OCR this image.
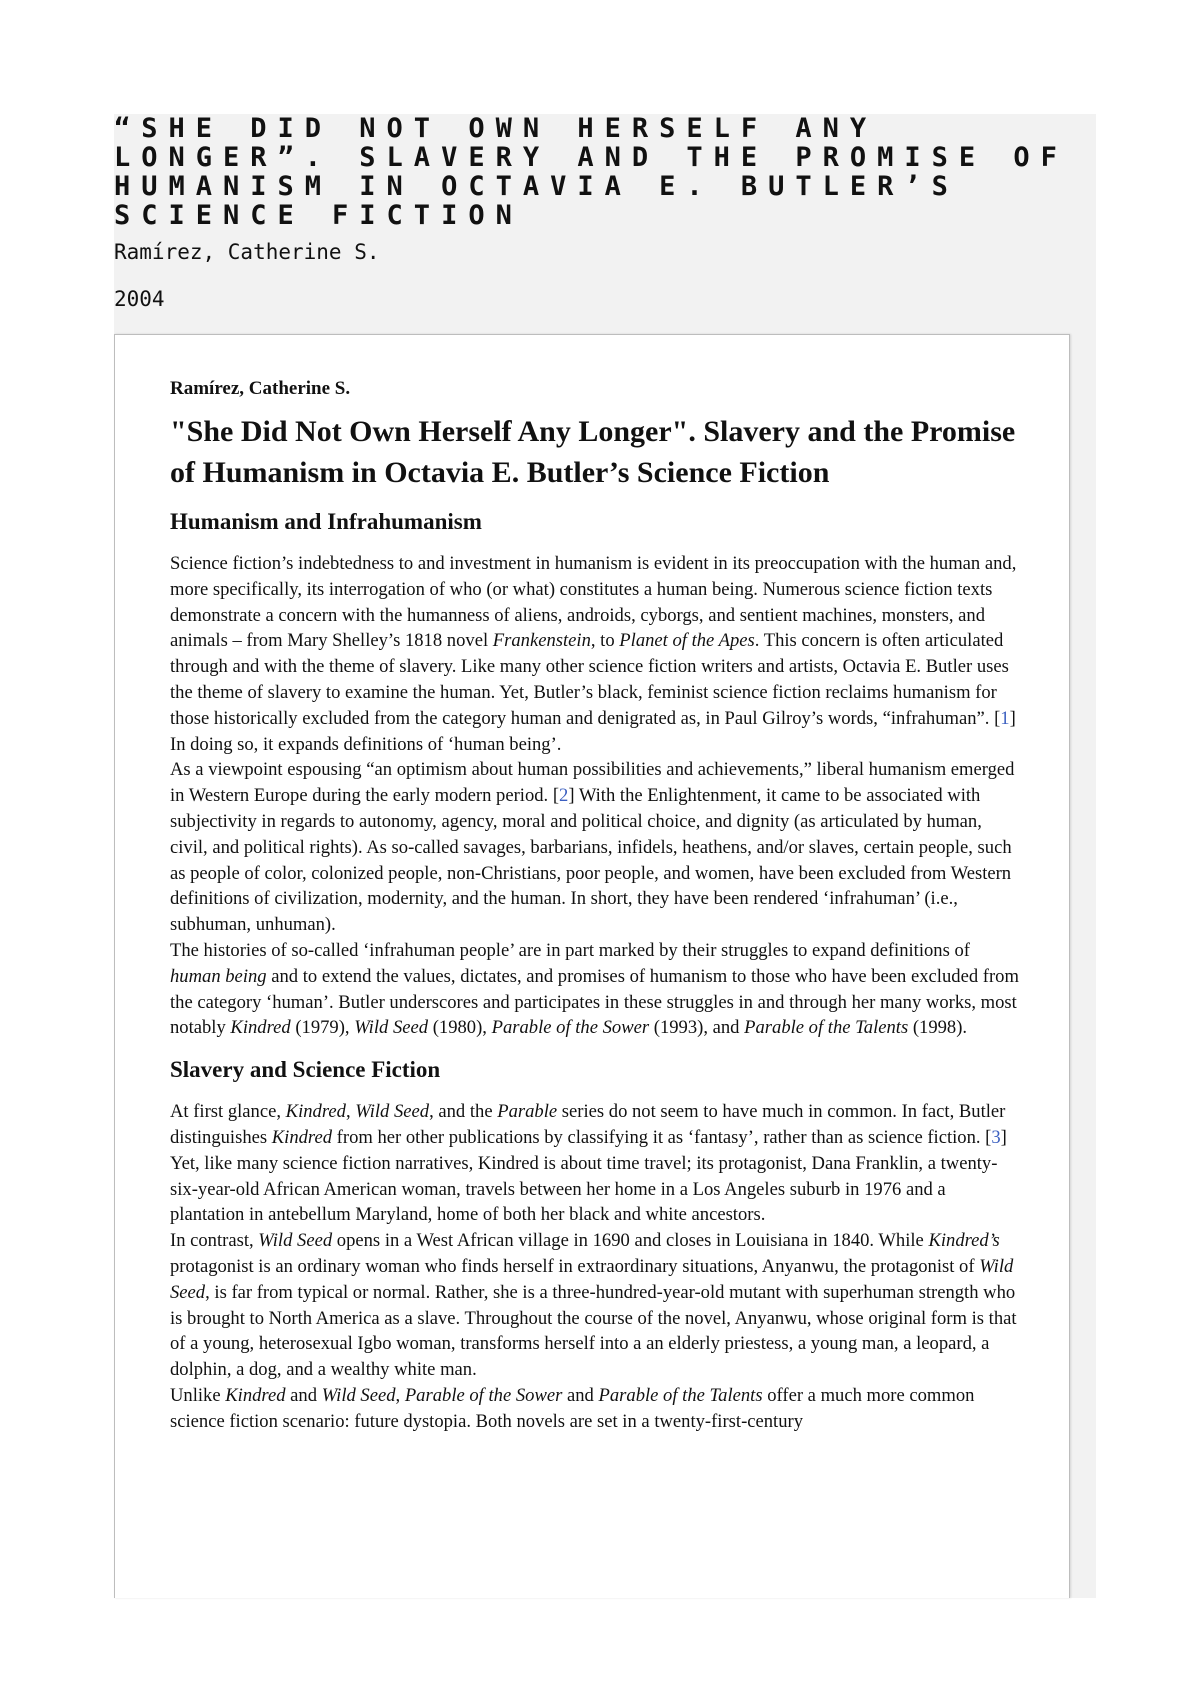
“SHE DID NOT OWN HERSELF ANY LONGER”. SLAVERY AND THE PROMISE OF HUMANISM IN OCTAVIA E. BUTLER’S SCIENCE FICTION

Ramírez, Catherine S.

2004

Ramírez, Catherine S.

"She Did Not Own Herself Any Longer". Slavery and the Promise of Humanism in Octavia E. Butler’s Science Fiction
Humanism and Infrahumanism

Science fiction’s indebtedness to and investment in humanism is evident in its preoccupation with the human and, more specifically, its interrogation of who (or what) constitutes a human being. Numerous science fiction texts demonstrate a concern with the humanness of aliens, androids, cyborgs, and sentient machines, monsters, and animals – from Mary Shelley’s 1818 novel Frankenstein, to Planet of the Apes. This concern is often articulated through and with the theme of slavery. Like many other science fiction writers and artists, Octavia E. Butler uses the theme of slavery to examine the human. Yet, Butler’s black, feminist science fiction reclaims humanism for those historically excluded from the category human and denigrated as, in Paul Gilroy’s words, “infrahuman”. [1] In doing so, it expands definitions of ‘human being’.

As a viewpoint espousing “an optimism about human possibilities and achievements,” liberal humanism emerged in Western Europe during the early modern period. [2] With the Enlightenment, it came to be associated with subjectivity in regards to autonomy, agency, moral and political choice, and dignity (as articulated by human, civil, and political rights). As so-called savages, barbarians, infidels, heathens, and/or slaves, certain people, such as people of color, colonized people, non-Christians, poor people, and women, have been excluded from Western definitions of civilization, modernity, and the human. In short, they have been rendered ‘infrahuman’ (i.e., subhuman, unhuman).

The histories of so-called ‘infrahuman people’ are in part marked by their struggles to expand definitions of human being and to extend the values, dictates, and promises of humanism to those who have been excluded from the category ‘human’. Butler underscores and participates in these struggles in and through her many works, most notably Kindred (1979), Wild Seed (1980), Parable of the Sower (1993), and Parable of the Talents (1998).

Slavery and Science Fiction

At first glance, Kindred, Wild Seed, and the Parable series do not seem to have much in common. In fact, Butler distinguishes Kindred from her other publications by classifying it as ‘fantasy’, rather than as science fiction. [3] Yet, like many science fiction narratives, Kindred is about time travel; its protagonist, Dana Franklin, a twenty-six-year-old African American woman, travels between her home in a Los Angeles suburb in 1976 and a plantation in antebellum Maryland, home of both her black and white ancestors.

In contrast, Wild Seed opens in a West African village in 1690 and closes in Louisiana in 1840. While Kindred’s protagonist is an ordinary woman who finds herself in extraordinary situations, Anyanwu, the protagonist of Wild Seed, is far from typical or normal. Rather, she is a three-hundred-year-old mutant with superhuman strength who is brought to North America as a slave. Throughout the course of the novel, Anyanwu, whose original form is that of a young, heterosexual Igbo woman, transforms herself into a an elderly priestess, a young man, a leopard, a dolphin, a dog, and a wealthy white man.

Unlike Kindred and Wild Seed, Parable of the Sower and Parable of the Talents offer a much more common science fiction scenario: future dystopia. Both novels are set in a twenty-first-century
